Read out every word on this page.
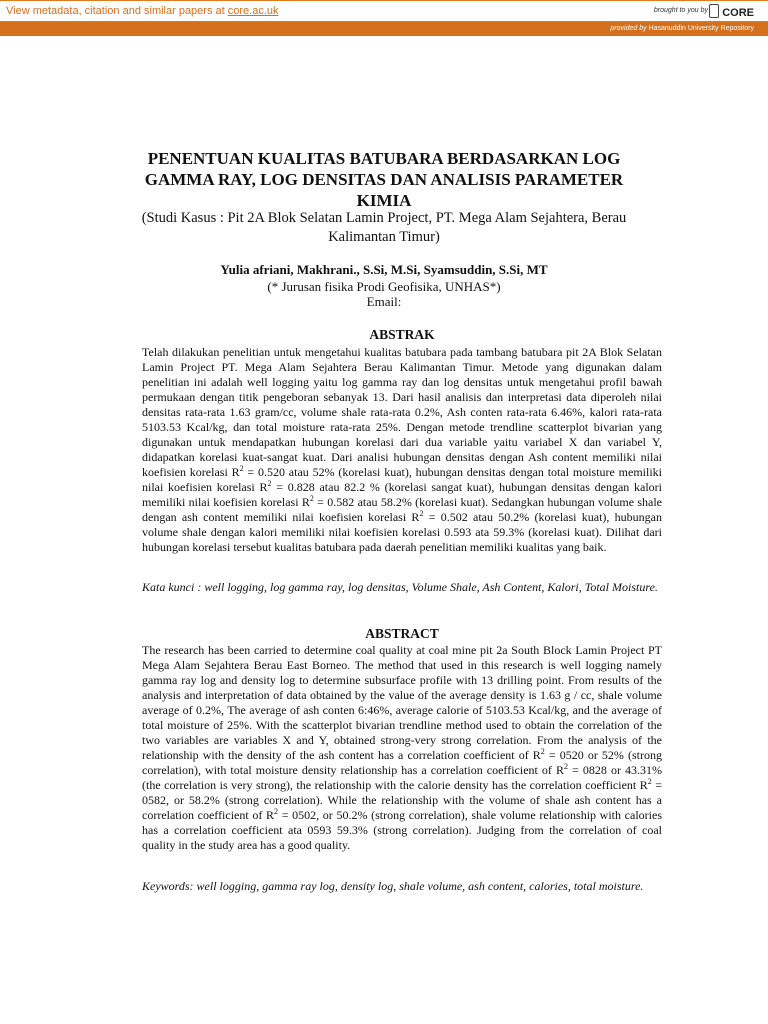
View metadata, citation and similar papers at core.ac.uk	brought to you by	CORE
provided by Hasanuddin University Repository
PENENTUAN KUALITAS BATUBARA BERDASARKAN LOG GAMMA RAY, LOG DENSITAS DAN ANALISIS PARAMETER KIMIA
(Studi Kasus : Pit 2A Blok Selatan Lamin Project, PT. Mega Alam Sejahtera, Berau Kalimantan Timur)
Yulia afriani, Makhrani., S.Si, M.Si, Syamsuddin, S.Si, MT
(* Jurusan fisika Prodi Geofisika, UNHAS*)
Email:
ABSTRAK
Telah dilakukan penelitian untuk mengetahui kualitas batubara pada tambang batubara pit 2A Blok Selatan Lamin Project PT. Mega Alam Sejahtera Berau Kalimantan Timur. Metode yang digunakan dalam penelitian ini adalah well logging yaitu log gamma ray dan log densitas untuk mengetahui profil bawah permukaan dengan titik pengeboran sebanyak 13. Dari hasil analisis dan interpretasi data diperoleh nilai densitas rata-rata 1.63 gram/cc, volume shale rata-rata 0.2%, Ash conten rata-rata 6.46%, kalori rata-rata 5103.53 Kcal/kg, dan total moisture rata-rata 25%. Dengan metode trendline scatterplot bivarian yang digunakan untuk mendapatkan hubungan korelasi dari dua variable yaitu variabel X dan variabel Y, didapatkan korelasi kuat-sangat kuat. Dari analisi hubungan densitas dengan Ash content memiliki nilai koefisien korelasi $R^2 = 0.520$ atau 52% (korelasi kuat), hubungan densitas dengan total moisture memiliki nilai koefisien korelasi $R^2 = 0.828$ atau 82.2 % (korelasi sangat kuat), hubungan densitas dengan kalori memiliki nilai koefisien korelasi $R^2 = 0.582$ atau 58.2% (korelasi kuat). Sedangkan hubungan volume shale dengan ash content memiliki nilai koefisien korelasi $R^2 = 0.502$ atau 50.2% (korelasi kuat), hubungan volume shale dengan kalori memiliki nilai koefisien korelasi 0.593 ata 59.3% (korelasi kuat). Dilihat dari hubungan korelasi tersebut kualitas batubara pada daerah penelitian memiliki kualitas yang baik.
Kata kunci : well logging, log gamma ray, log densitas, Volume Shale, Ash Content, Kalori, Total Moisture.
ABSTRACT
The research has been carried to determine coal quality at coal mine pit 2a South Block Lamin Project PT Mega Alam Sejahtera Berau East Borneo. The method that used in this research is well logging namely gamma ray log and density log to determine subsurface profile with 13 drilling point. From results of the analysis and interpretation of data obtained by the value of the average density is 1.63 g / cc, shale volume average of 0.2%, The average of ash conten 6:46%, average calorie of 5103.53 Kcal/kg, and the average of total moisture of 25%. With the scatterplot bivarian trendline method used to obtain the correlation of the two variables are variables X and Y, obtained strong-very strong correlation. From the analysis of the relationship with the density of the ash content has a correlation coefficient of $R^2 = 0520$ or 52% (strong correlation), with total moisture density relationship has a correlation coefficient of $R^2 = 0828$ or 43.31% (the correlation is very strong), the relationship with the calorie density has the correlation coefficient $R^2 = 0582$, or 58.2% (strong correlation). While the relationship with the volume of shale ash content has a correlation coefficient of $R^2 = 0502$, or 50.2% (strong correlation), shale volume relationship with calories has a correlation coefficient ata 0593 59.3% (strong correlation). Judging from the correlation of coal quality in the study area has a good quality.
Keywords: well logging, gamma ray log, density log, shale volume, ash content, calories, total moisture.
